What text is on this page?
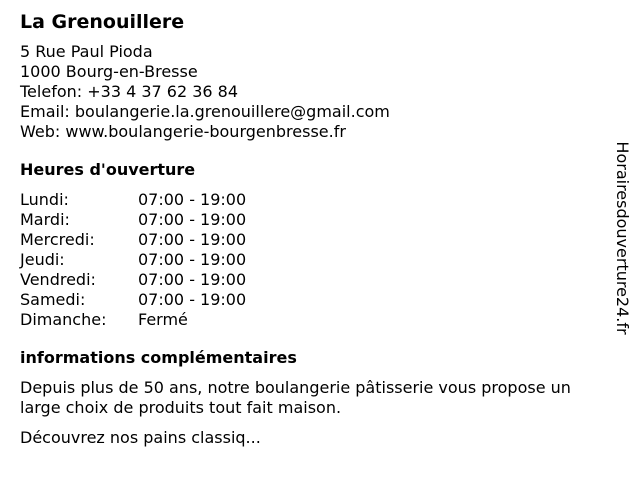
La Grenouillere
5 Rue Paul Pioda
1000 Bourg-en-Bresse
Telefon: +33 4 37 62 36 84
Email: boulangerie.la.grenouillere@gmail.com
Web: www.boulangerie-bourgenbresse.fr
Heures d'ouverture
Lundi:	07:00 - 19:00
Mardi:	07:00 - 19:00
Mercredi:	07:00 - 19:00
Jeudi:	07:00 - 19:00
Vendredi:	07:00 - 19:00
Samedi:	07:00 - 19:00
Dimanche: Fermé
informations complémentaires

Depuis plus de 50 ans, notre boulangerie pâtisserie vous propose un large choix de produits tout fait maison.

Découvrez nos pains classiq...

Horairesdouverture24.fr
